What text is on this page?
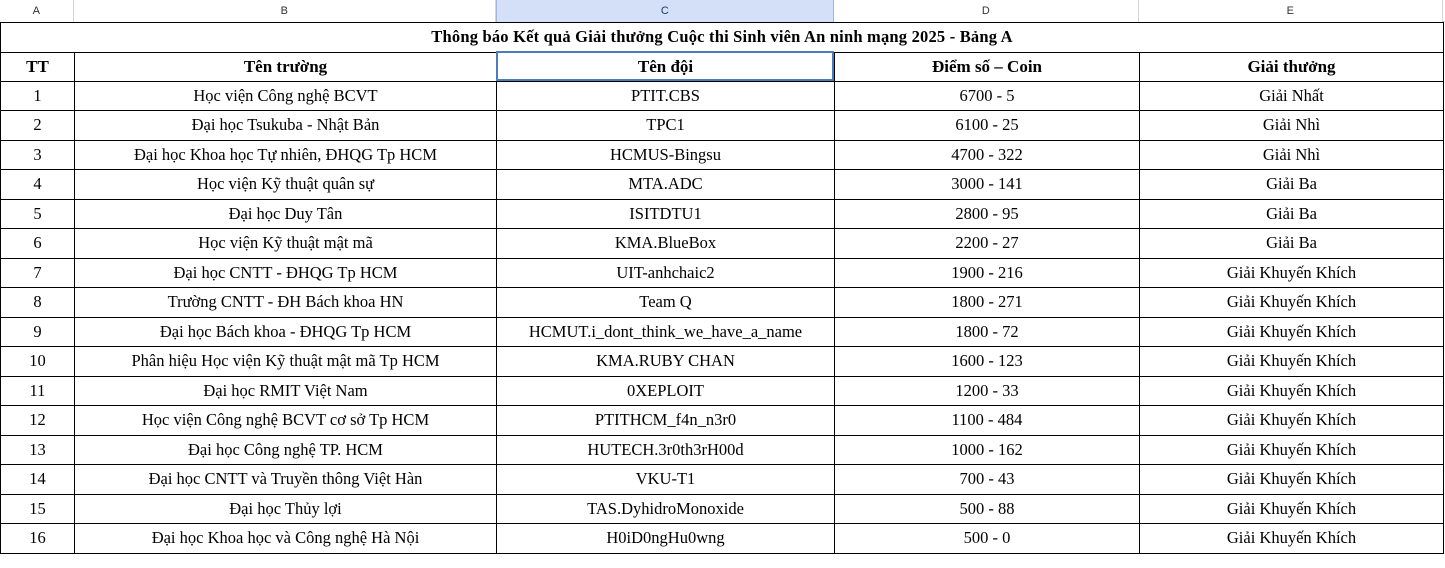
A	B	C	D	E
Thông báo Kết quả Giải thưởng Cuộc thi Sinh viên An ninh mạng 2025 - Bảng A				
TT	Tên trường	Tên đội	Điểm số – Coin	Giải thưởng
1	Học viện Công nghệ BCVT	PTIT.CBS	6700 - 5	Giải Nhất
2	Đại học Tsukuba - Nhật Bản	TPC1	6100 - 25	Giải Nhì
3	Đại học Khoa học Tự nhiên, ĐHQG Tp HCM	HCMUS-Bingsu	4700 - 322	Giải Nhì
4	Học viện Kỹ thuật quân sự	MTA.ADC	3000 - 141	Giải Ba
5	Đại học Duy Tân	ISITDTU1	2800 - 95	Giải Ba
6	Học viện Kỹ thuật mật mã	KMA.BlueBox	2200 - 27	Giải Ba
7	Đại học CNTT - ĐHQG Tp HCM	UIT-anhchaic2	1900 - 216	Giải Khuyến Khích
8	Trường CNTT - ĐH Bách khoa HN	Team Q	1800 - 271	Giải Khuyến Khích
9	Đại học Bách khoa - ĐHQG Tp HCM	HCMUT.i_dont_think_we_have_a_name	1800 - 72	Giải Khuyến Khích
10	Phân hiệu Học viện Kỹ thuật mật mã Tp HCM	KMA.RUBY CHAN	1600 - 123	Giải Khuyến Khích
11	Đại học RMIT Việt Nam	0XEPLOIT	1200 - 33	Giải Khuyến Khích
12	Học viện Công nghệ BCVT cơ sở Tp HCM	PTITHCM_f4n_n3r0	1100 - 484	Giải Khuyến Khích
13	Đại học Công nghệ TP. HCM	HUTECH.3r0th3rH00d	1000 - 162	Giải Khuyến Khích
14	Đại học CNTT và Truyền thông Việt Hàn	VKU-T1	700 - 43	Giải Khuyến Khích
15	Đại học Thủy lợi	TAS.DyhidroMonoxide	500 - 88	Giải Khuyến Khích
16	Đại học Khoa học và Công nghệ Hà Nội	H0iD0ngHu0wng	500 - 0	Giải Khuyến Khích
